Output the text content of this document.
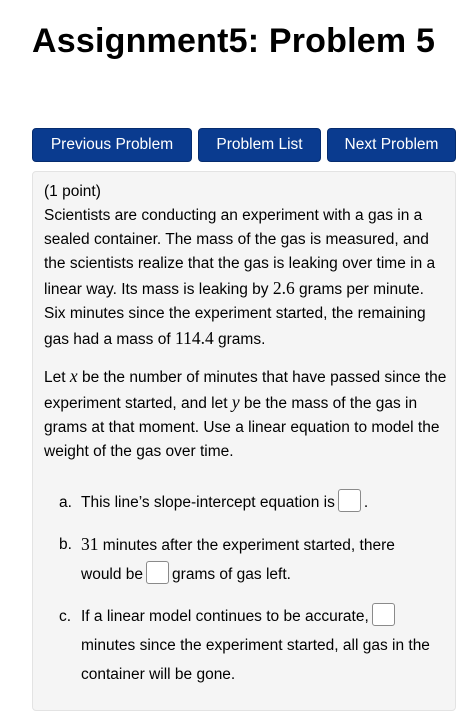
Assignment5: Problem 5
Previous Problem	Problem List	Next Problem

(1 point)
Scientists are conducting an experiment with a gas in a sealed container. The mass of the gas is measured, and the scientists realize that the gas is leaking over time in a linear way. Its mass is leaking by 2.6 grams per minute. Six minutes since the experiment started, the remaining gas had a mass of 114.4 grams.

Let x be the number of minutes that have passed since the experiment started, and let y be the mass of the gas in grams at that moment. Use a linear equation to model the weight of the gas over time.

a. This line’s slope-intercept equation is .
b. 31 minutes after the experiment started, there would be grams of gas left.
c. If a linear model continues to be accurate,minutes since the experiment started, all gas in the container will be gone.
